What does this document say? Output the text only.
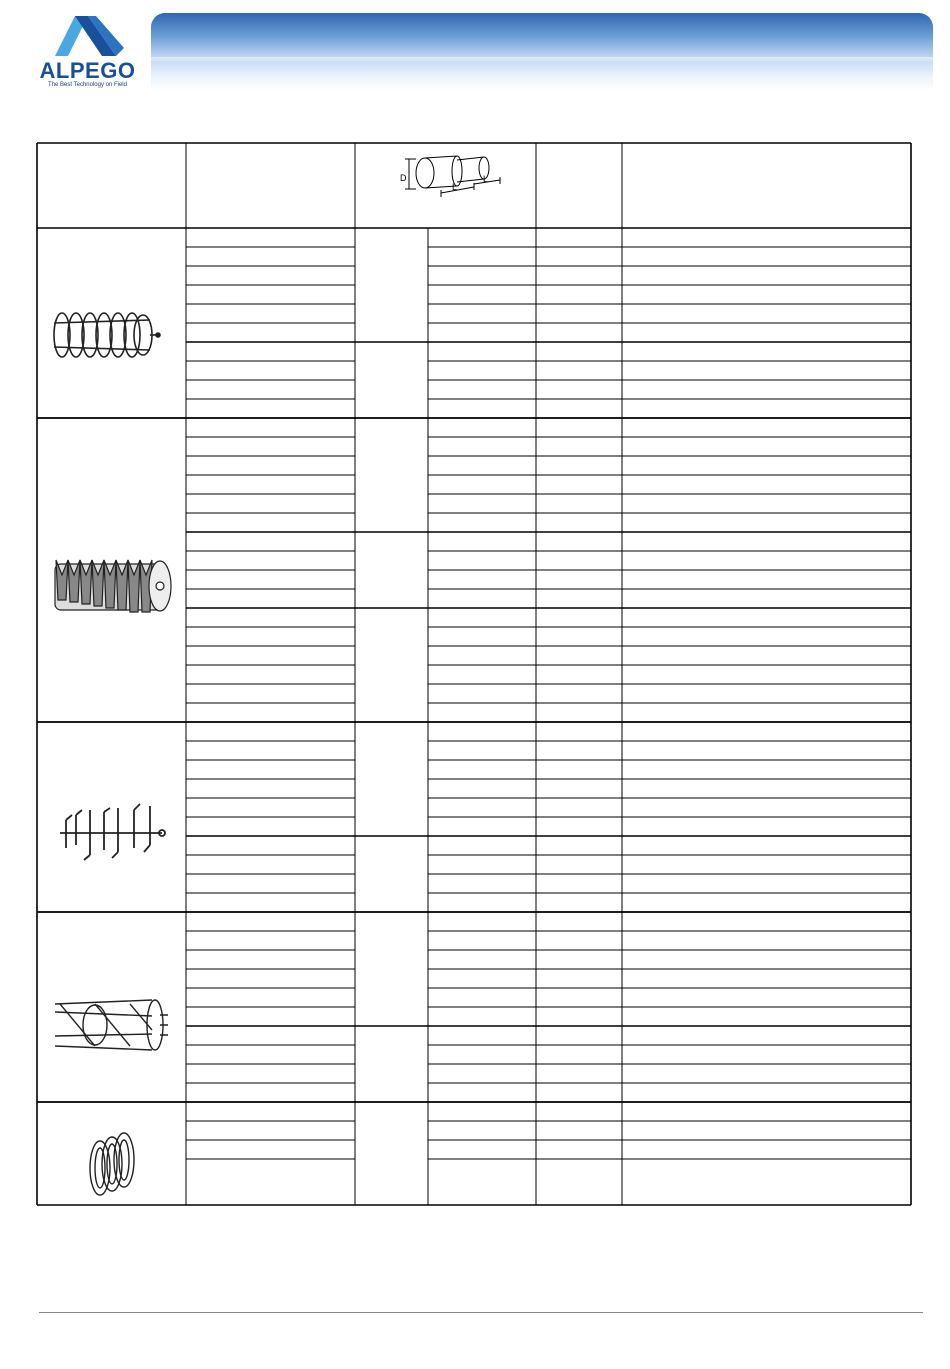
ALPEGO
The Best Technology on Field
D
L
L
